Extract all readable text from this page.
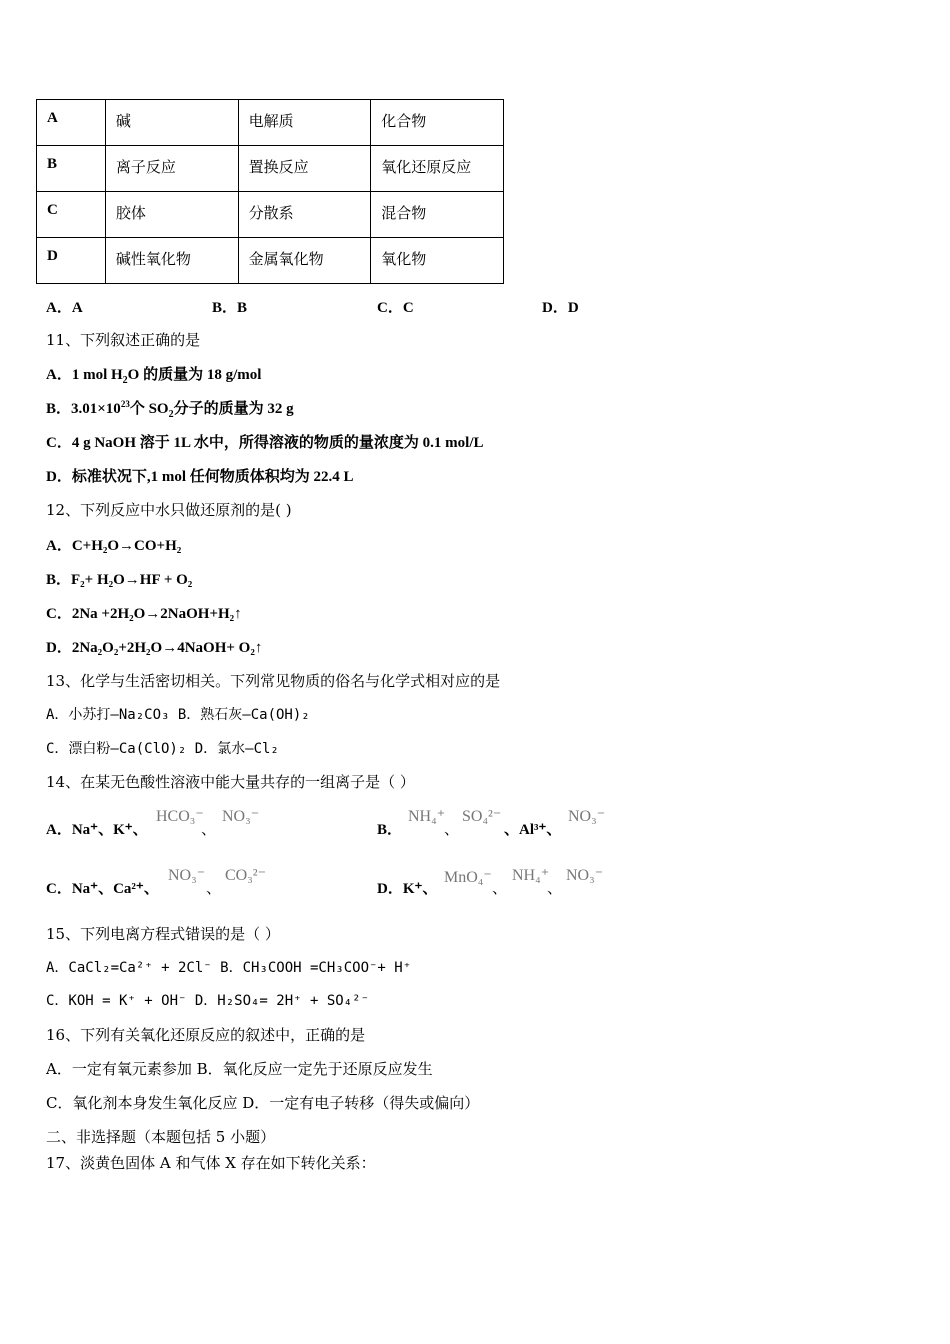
A	碱	电解质	化合物
B	离子反应	置换反应	氧化还原反应
C	胶体	分散系	混合物
D	碱性氧化物	金属氧化物	氧化物
A．A	B．B	C．C	D．D
11、下列叙述正确的是
A．1 mol $H_2O$ 的质量为 18 g/mol
B．$3.01\times 10^{23}$个 $SO_2$分子的质量为 32 g
C．4 g NaOH 溶于 1L 水中，所得溶液的物质的量浓度为 0.1 mol/L
D．标准状况下,1 mol 任何物质体积均为 22.4 L
12、下列反应中水只做还原剂的是( )
A．C+H₂O→CO+H₂
B．F₂+ H₂O→HF + O₂
C．2Na +2H₂O→2NaOH+H₂↑
D．2Na₂O₂+2H₂O→4NaOH+ O₂↑
13、化学与生活密切相关。下列常见物质的俗名与化学式相对应的是
A．小苏打—Na₂CO₃ B．熟石灰—Ca(OH)₂
C．漂白粉—Ca(ClO)₂ D．氯水—Cl₂
14、在某无色酸性溶液中能大量共存的一组离子是（ ）
A．Na⁺、K⁺、
HCO₃⁻
、
NO₃⁻
B．
NH₄⁺
、
SO₄²⁻
、Al³⁺、
NO₃⁻
C．Na⁺、Ca²⁺、
NO₃⁻
、
CO₃²⁻
D．K⁺、
MnO₄⁻
、
NH₄⁺
、
NO₃⁻
15、下列电离方程式错误的是（ ）
A．CaCl₂=Ca²⁺ + 2Cl⁻ B．CH₃COOH =CH₃COO⁻+ H⁺
C．KOH = K⁺ + OH⁻ D．H₂SO₄= 2H⁺ + SO₄²⁻
16、下列有关氧化还原反应的叙述中，正确的是
A．一定有氧元素参加 B．氧化反应一定先于还原反应发生
C．氧化剂本身发生氧化反应 D．一定有电子转移（得失或偏向）
二、非选择题（本题包括 5 小题）
17、淡黄色固体 A 和气体 X 存在如下转化关系：
